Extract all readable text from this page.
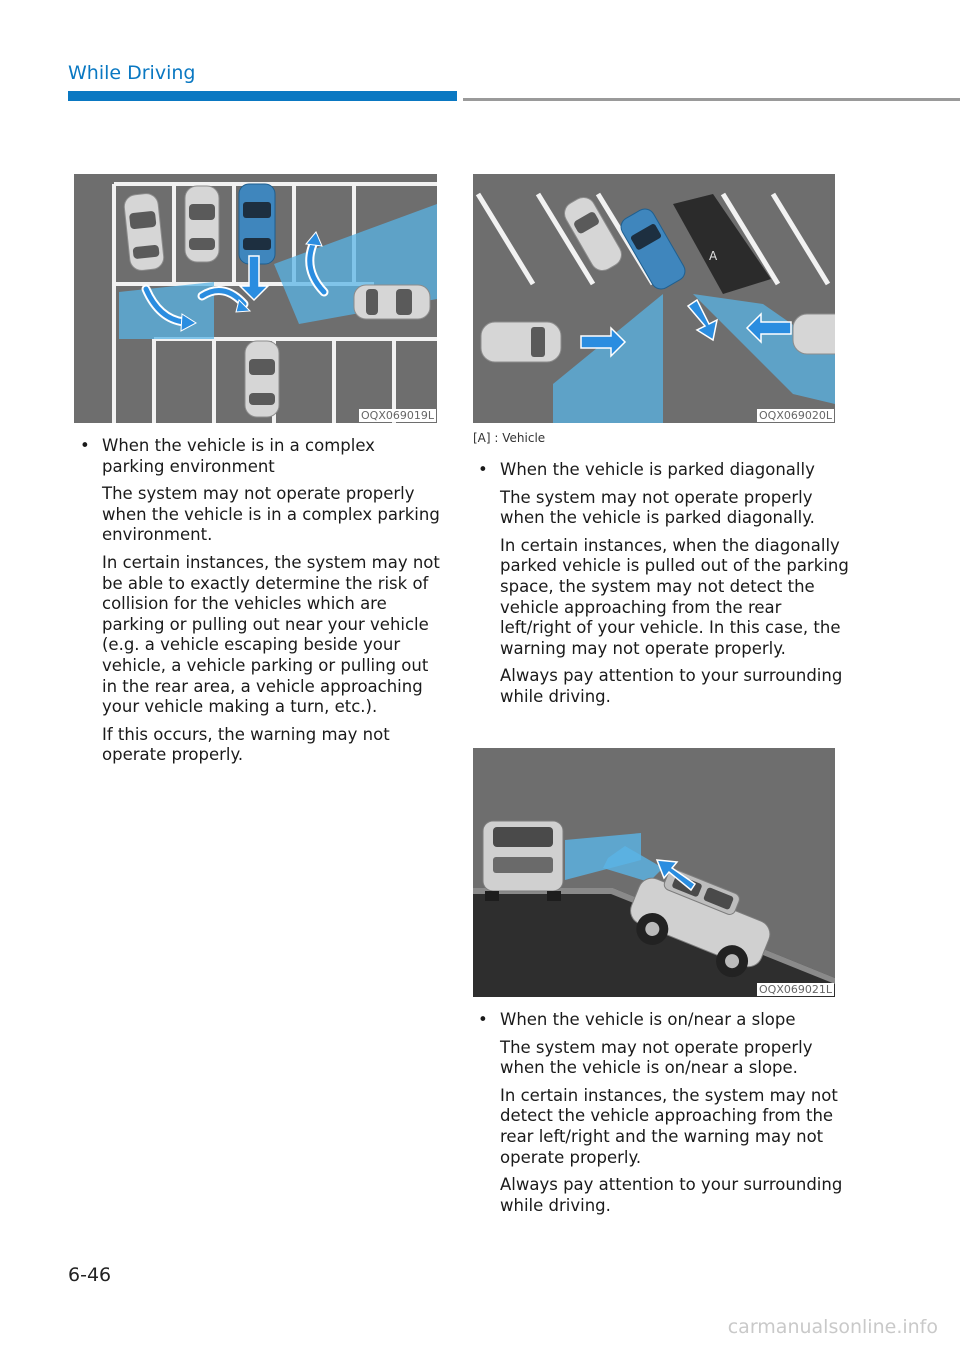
While Driving
OQX069019L
A
OQX069020L
[A] : Vehicle
OQX069021L
• When the vehicle is in a complex parking environment
The system may not operate properly when the vehicle is in a complex parking environment.
In certain instances, the system may not be able to exactly determine the risk of collision for the vehicles which are parking or pulling out near your vehicle (e.g. a vehicle escaping beside your vehicle, a vehicle parking or pulling out in the rear area, a vehicle approaching your vehicle making a turn, etc.).
If this occurs, the warning may not operate properly.
• When the vehicle is parked diagonally
The system may not operate properly when the vehicle is parked diagonally.
In certain instances, when the diagonally parked vehicle is pulled out of the parking space, the system may not detect the vehicle approaching from the rear left/right of your vehicle. In this case, the warning may not operate properly.
Always pay attention to your surrounding while driving.
• When the vehicle is on/near a slope
The system may not operate properly when the vehicle is on/near a slope.
In certain instances, the system may not detect the vehicle approaching from the rear left/right and the warning may not operate properly.
Always pay attention to your surrounding while driving.
6-46
carmanualsonline.info
